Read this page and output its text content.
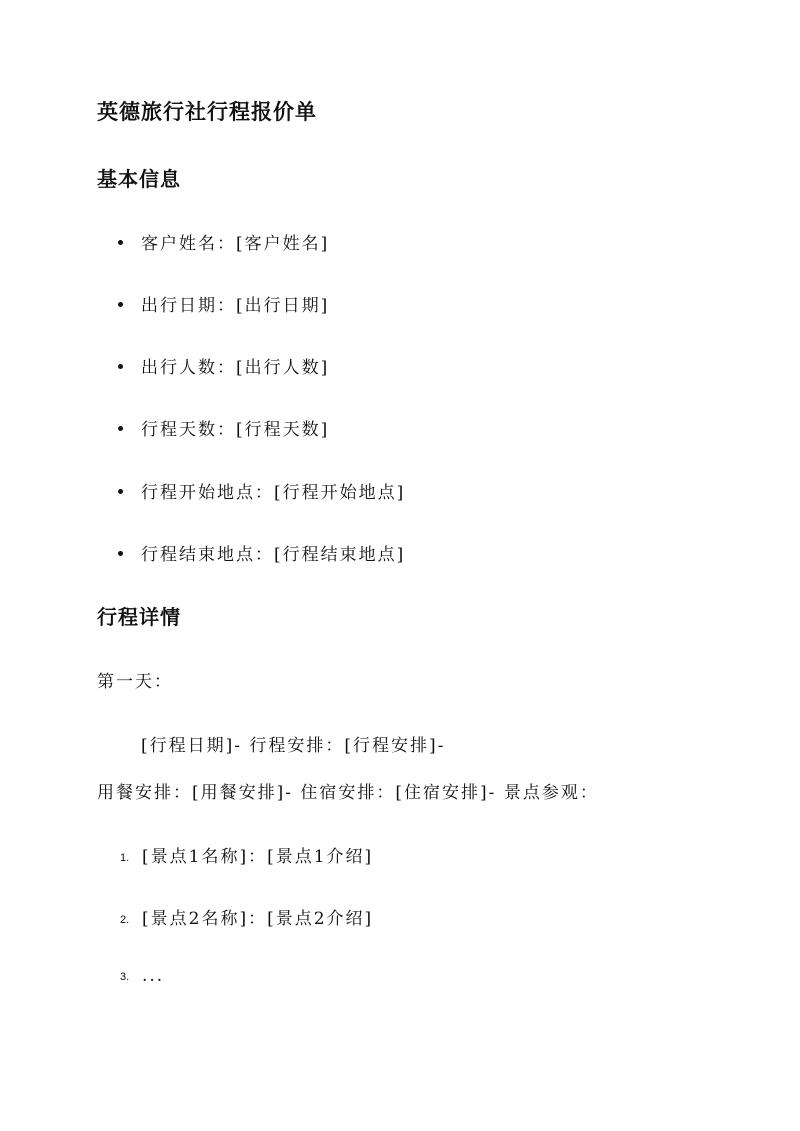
英德旅行社行程报价单
基本信息
客户姓名：[客户姓名]
出行日期：[出行日期]
出行人数：[出行人数]
行程天数：[行程天数]
行程开始地点：[行程开始地点]
行程结束地点：[行程结束地点]
行程详情
第一天：
[行程日期]- 行程安排：[行程安排]-
用餐安排：[用餐安排]- 住宿安排：[住宿安排]- 景点参观：
1. [景点1名称]：[景点1介绍]
2. [景点2名称]：[景点2介绍]
3. ...
